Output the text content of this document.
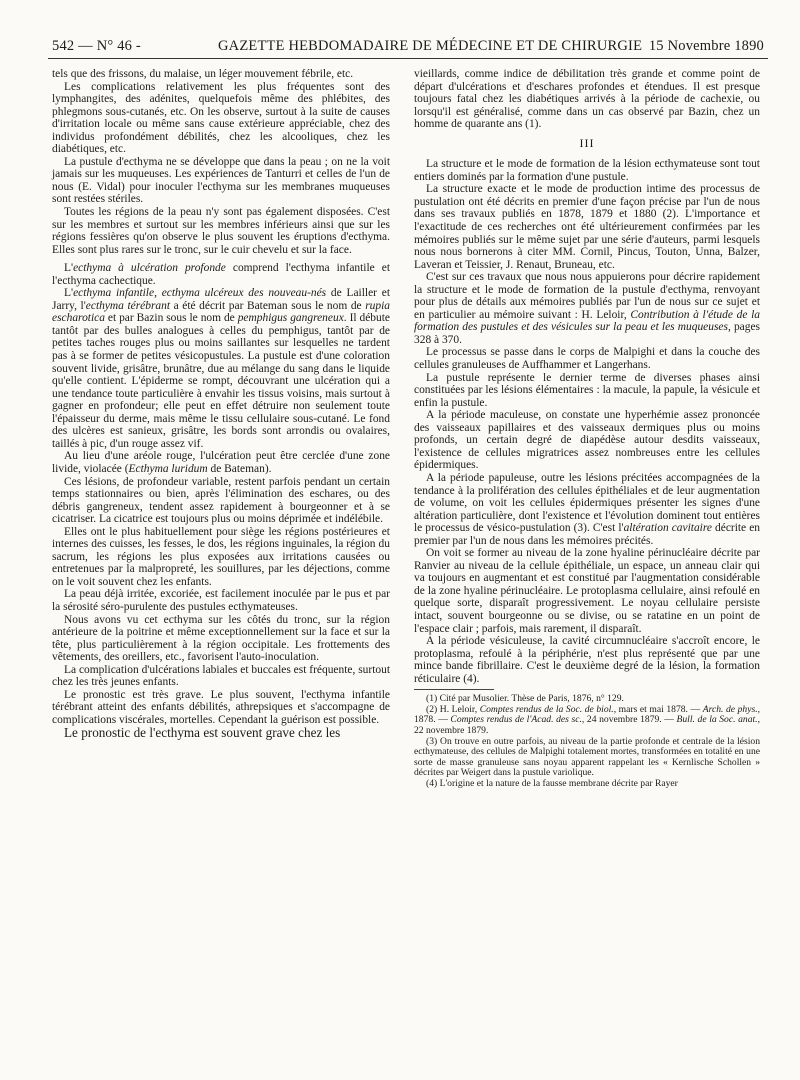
542 — N° 46 -	GAZETTE HEBDOMADAIRE DE MÉDECINE ET DE CHIRURGIE 15 Novembre 1890

tels que des frissons, du malaise, un léger mouvement fébrile, etc.

Les complications relativement les plus fréquentes sont des lymphangites, des adénites, quelquefois même des phlébites, des phlegmons sous-cutanés, etc. On les observe, surtout à la suite de causes d'irritation locale ou même sans cause extérieure appréciable, chez des individus profondément débilités, chez les alcooliques, chez les diabétiques, etc.

La pustule d'ecthyma ne se développe que dans la peau ; on ne la voit jamais sur les muqueuses. Les expériences de Tanturri et celles de l'un de nous (E. Vidal) pour inoculer l'ecthyma sur les membranes muqueuses sont restées stériles.

Toutes les régions de la peau n'y sont pas également disposées. C'est sur les membres et surtout sur les membres inférieurs ainsi que sur les régions fessières qu'on observe le plus souvent les éruptions d'ecthyma. Elles sont plus rares sur le tronc, sur le cuir chevelu et sur la face.

L'ecthyma à ulcération profonde comprend l'ecthyma infantile et l'ecthyma cachectique.

L'ecthyma infantile, ecthyma ulcéreux des nouveau-nés de Lailler et Jarry, l'ecthyma térébrant a été décrit par Bateman sous le nom de rupia escharotica et par Bazin sous le nom de pemphigus gangreneux. Il débute tantôt par des bulles analogues à celles du pemphigus, tantôt par de petites taches rouges plus ou moins saillantes sur lesquelles ne tardent pas à se former de petites vésicopustules. La pustule est d'une coloration souvent livide, grisâtre, brunâtre, due au mélange du sang dans le liquide qu'elle contient. L'épiderme se rompt, découvrant une ulcération qui a une tendance toute particulière à envahir les tissus voisins, mais surtout à gagner en profondeur; elle peut en effet détruire non seulement toute l'épaisseur du derme, mais même le tissu cellulaire sous-cutané. Le fond des ulcères est sanieux, grisâtre, les bords sont arrondis ou ovalaires, taillés à pic, d'un rouge assez vif.

Au lieu d'une aréole rouge, l'ulcération peut être cerclée d'une zone livide, violacée (Ecthyma luridum de Bateman).

Ces lésions, de profondeur variable, restent parfois pendant un certain temps stationnaires ou bien, après l'élimination des eschares, ou des débris gangreneux, tendent assez rapidement à bourgeonner et à se cicatriser. La cicatrice est toujours plus ou moins déprimée et indélébile.

Elles ont le plus habituellement pour siège les régions postérieures et internes des cuisses, les fesses, le dos, les régions inguinales, la région du sacrum, les régions les plus exposées aux irritations causées ou entretenues par la malpropreté, les souillures, par les déjections, comme on le voit souvent chez les enfants.

La peau déjà irritée, excoriée, est facilement inoculée par le pus et par la sérosité séro-purulente des pustules ecthymateuses.

Nous avons vu cet ecthyma sur les côtés du tronc, sur la région antérieure de la poitrine et même exceptionnellement sur la face et sur la tête, plus particulièrement à la région occipitale. Les frottements des vêtements, des oreillers, etc., favorisent l'auto-inoculation.

La complication d'ulcérations labiales et buccales est fréquente, surtout chez les très jeunes enfants.

Le pronostic est très grave. Le plus souvent, l'ecthyma infantile térébrant atteint des enfants débilités, athrepsiques et s'accompagne de complications viscérales, mortelles. Cependant la guérison est possible.

Le pronostic de l'ecthyma est souvent grave chez les

vieillards, comme indice de débilitation très grande et comme point de départ d'ulcérations et d'eschares profondes et étendues. Il est presque toujours fatal chez les diabétiques arrivés à la période de cachexie, ou lorsqu'il est généralisé, comme dans un cas observé par Bazin, chez un homme de quarante ans (1).

III

La structure et le mode de formation de la lésion ecthymateuse sont tout entiers dominés par la formation d'une pustule.

La structure exacte et le mode de production intime des processus de pustulation ont été décrits en premier d'une façon précise par l'un de nous dans ses travaux publiés en 1878, 1879 et 1880 (2). L'importance et l'exactitude de ces recherches ont été ultérieurement confirmées par les mémoires publiés sur le même sujet par une série d'auteurs, parmi lesquels nous nous bornerons à citer MM. Cornil, Pincus, Touton, Unna, Balzer, Laveran et Teissier, J. Renaut, Bruneau, etc.

C'est sur ces travaux que nous nous appuierons pour décrire rapidement la structure et le mode de formation de la pustule d'ecthyma, renvoyant pour plus de détails aux mémoires publiés par l'un de nous sur ce sujet et en particulier au mémoire suivant : H. Leloir, Contribution à l'étude de la formation des pustules et des vésicules sur la peau et les muqueuses, pages 328 à 370.

Le processus se passe dans le corps de Malpighi et dans la couche des cellules granuleuses de Auffhammer et Langerhans.

La pustule représente le dernier terme de diverses phases ainsi constituées par les lésions élémentaires : la macule, la papule, la vésicule et enfin la pustule.

A la période maculeuse, on constate une hyperhémie assez prononcée des vaisseaux papillaires et des vaisseaux dermiques plus ou moins profonds, un certain degré de diapédèse autour desdits vaisseaux, l'existence de cellules migratrices assez nombreuses entre les cellules épidermiques.

A la période papuleuse, outre les lésions précitées accompagnées de la tendance à la prolifération des cellules épithéliales et de leur augmentation de volume, on voit les cellules épidermiques présenter les signes d'une altération particulière, dont l'existence et l'évolution dominent tout entières le processus de vésico-pustulation (3). C'est l'altération cavitaire décrite en premier par l'un de nous dans les mémoires précités.

On voit se former au niveau de la zone hyaline périnucléaire décrite par Ranvier au niveau de la cellule épithéliale, un espace, un anneau clair qui va toujours en augmentant et est constitué par l'augmentation considérable de la zone hyaline périnucléaire. Le protoplasma cellulaire, ainsi refoulé en quelque sorte, disparaît progressivement. Le noyau cellulaire persiste intact, souvent bourgeonne ou se divise, ou se ratatine en un point de l'espace clair ; parfois, mais rarement, il disparaît.

A la période vésiculeuse, la cavité circumnucléaire s'accroît encore, le protoplasma, refoulé à la périphérie, n'est plus représenté que par une mince bande fibrillaire. C'est le deuxième degré de la lésion, la formation réticulaire (4).

(1) Cité par Musolier. Thèse de Paris, 1876, n° 129.

(2) H. Leloir, Comptes rendus de la Soc. de biol., mars et mai 1878. — Arch. de phys., 1878. — Comptes rendus de l'Acad. des sc., 24 novembre 1879. — Bull. de la Soc. anat., 22 novembre 1879.

(3) On trouve en outre parfois, au niveau de la partie profonde et centrale de la lésion ecthymateuse, des cellules de Malpighi totalement mortes, transformées en totalité en une sorte de masse granuleuse sans noyau apparent rappelant les « Kernlische Schollen » décrites par Weigert dans la pustule variolique.

(4) L'origine et la nature de la fausse membrane décrite par Rayer
